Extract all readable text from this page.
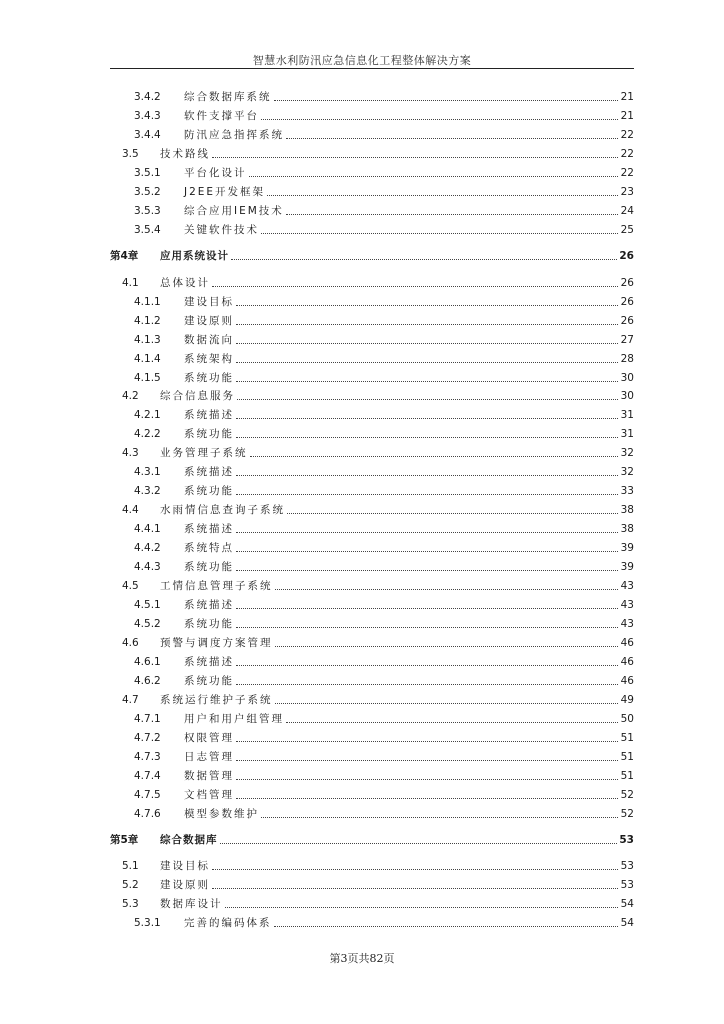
智慧水利防汛应急信息化工程整体解决方案
3.4.2	综合数据库系统	21
3.4.3	软件支撑平台	21
3.4.4	防汛应急指挥系统	22
3.5	技术路线	22
3.5.1	平台化设计	22
3.5.2	J2EE开发框架	23
3.5.3	综合应用IEM技术	24
3.5.4	关键软件技术	25
第4章	应用系统设计	26
4.1	总体设计	26
4.1.1	建设目标	26
4.1.2	建设原则	26
4.1.3	数据流向	27
4.1.4	系统架构	28
4.1.5	系统功能	30
4.2	综合信息服务	30
4.2.1	系统描述	31
4.2.2	系统功能	31
4.3	业务管理子系统	32
4.3.1	系统描述	32
4.3.2	系统功能	33
4.4	水雨情信息查询子系统	38
4.4.1	系统描述	38
4.4.2	系统特点	39
4.4.3	系统功能	39
4.5	工情信息管理子系统	43
4.5.1	系统描述	43
4.5.2	系统功能	43
4.6	预警与调度方案管理	46
4.6.1	系统描述	46
4.6.2	系统功能	46
4.7	系统运行维护子系统	49
4.7.1	用户和用户组管理	50
4.7.2	权限管理	51
4.7.3	日志管理	51
4.7.4	数据管理	51
4.7.5	文档管理	52
4.7.6	模型参数维护	52
第5章	综合数据库	53
5.1	建设目标	53
5.2	建设原则	53
5.3	数据库设计	54
5.3.1	完善的编码体系	54
第3页共82页
